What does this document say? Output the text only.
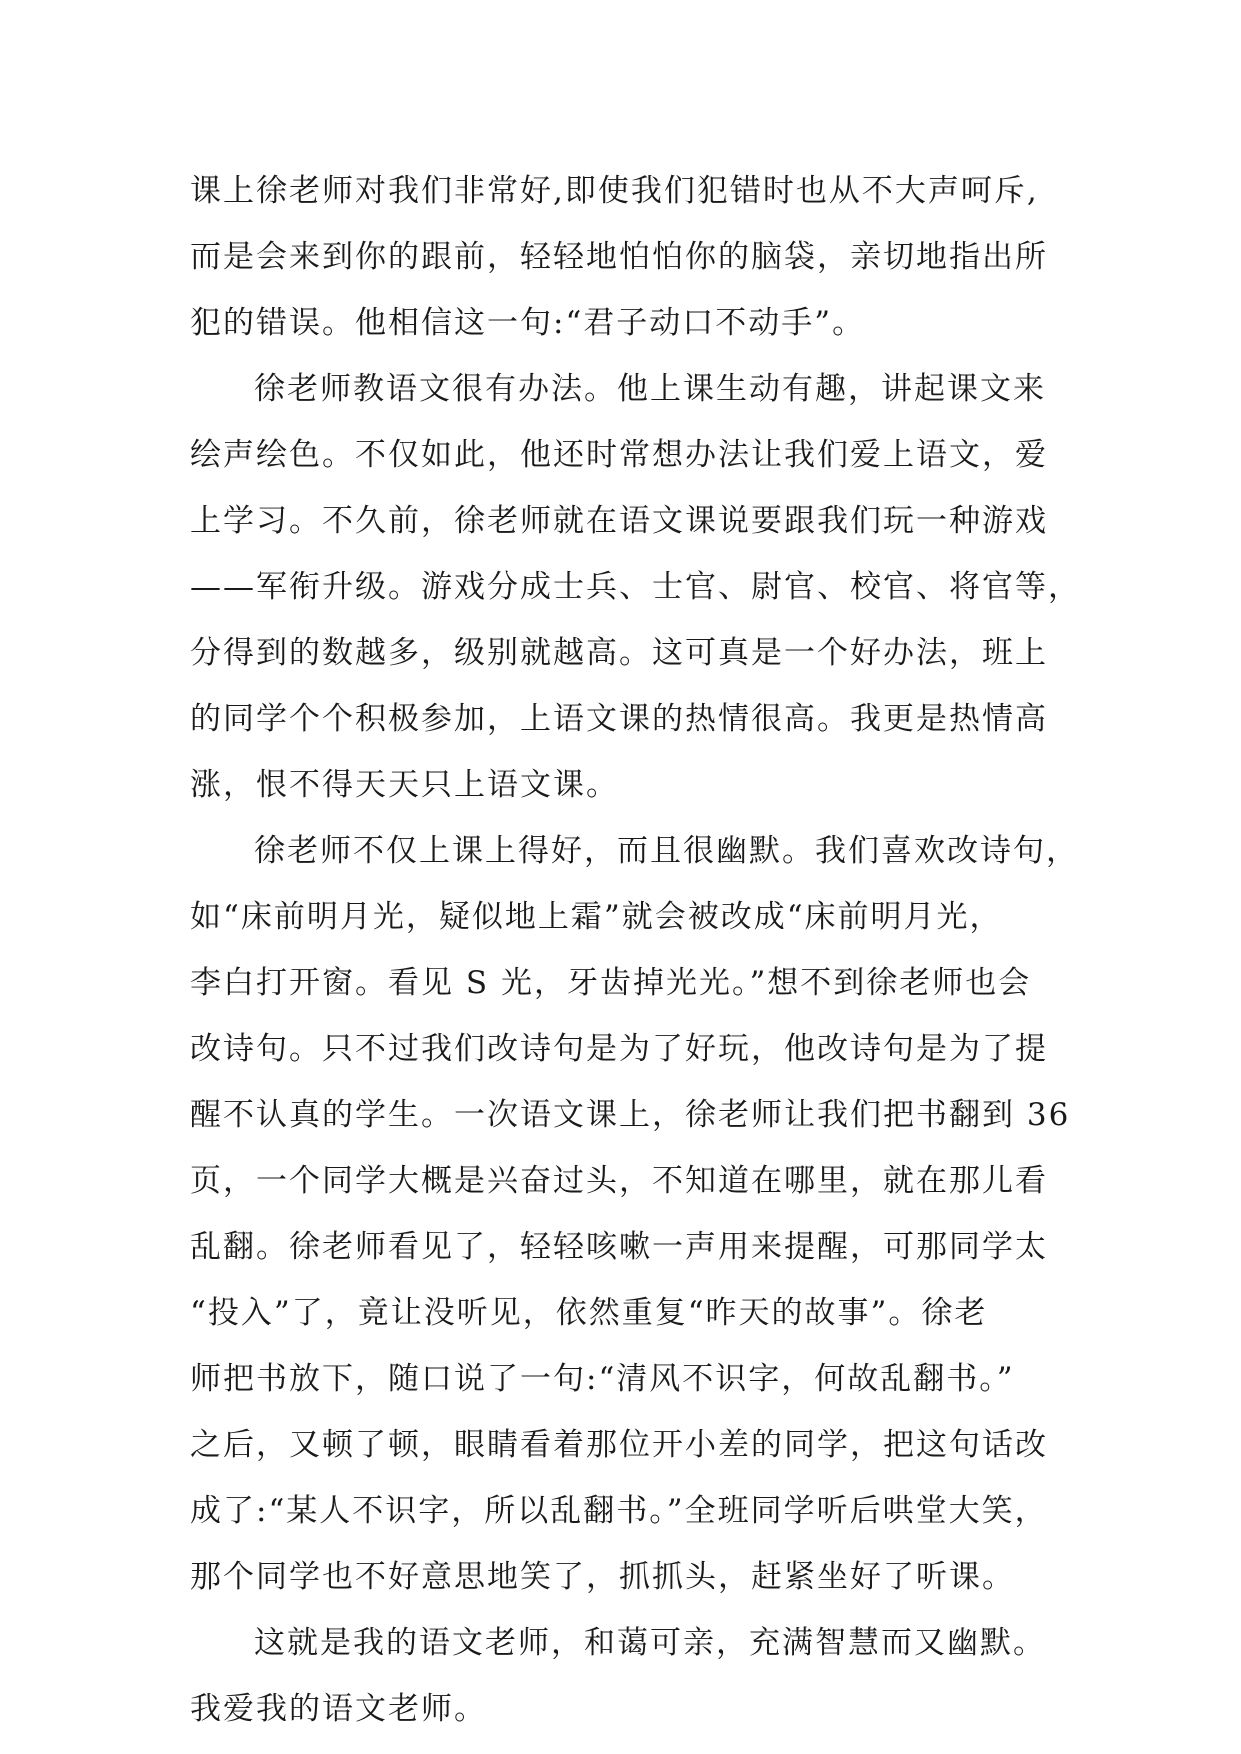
课上徐老师对我们非常好,即使我们犯错时也从不大声呵斥,
而是会来到你的跟前，轻轻地怕怕你的脑袋，亲切地指出所
犯的错误。他相信这一句:“君子动口不动手”。
徐老师教语文很有办法。他上课生动有趣，讲起课文来
绘声绘色。不仅如此，他还时常想办法让我们爱上语文，爱
上学习。不久前，徐老师就在语文课说要跟我们玩一种游戏
——军衔升级。游戏分成士兵、士官、尉官、校官、将官等，
分得到的数越多，级别就越高。这可真是一个好办法，班上
的同学个个积极参加，上语文课的热情很高。我更是热情高
涨，恨不得天天只上语文课。
徐老师不仅上课上得好，而且很幽默。我们喜欢改诗句，
如“床前明月光，疑似地上霜”就会被改成“床前明月光，
李白打开窗。看见 S 光，牙齿掉光光。”想不到徐老师也会
改诗句。只不过我们改诗句是为了好玩，他改诗句是为了提
醒不认真的学生。一次语文课上，徐老师让我们把书翻到 36
页，一个同学大概是兴奋过头，不知道在哪里，就在那儿看
乱翻。徐老师看见了，轻轻咳嗽一声用来提醒，可那同学太
“投入”了，竟让没听见，依然重复“昨天的故事”。徐老
师把书放下，随口说了一句:“清风不识字，何故乱翻书。”
之后，又顿了顿，眼睛看着那位开小差的同学，把这句话改
成了:“某人不识字，所以乱翻书。”全班同学听后哄堂大笑，
那个同学也不好意思地笑了，抓抓头，赶紧坐好了听课。
这就是我的语文老师，和蔼可亲，充满智慧而又幽默。
我爱我的语文老师。
